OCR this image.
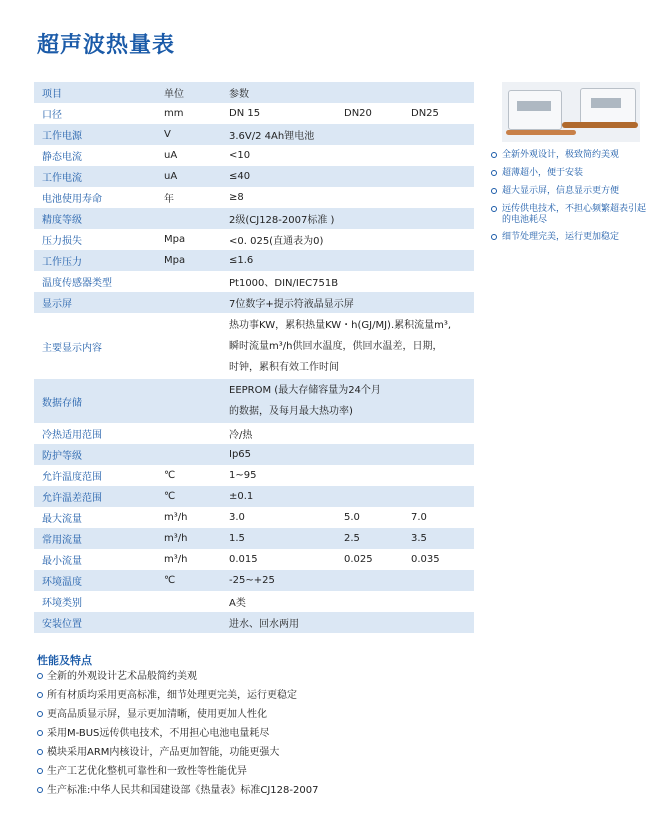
超声波热量表
项目	单位	参数		
口径	mm	DN 15	DN20	DN25
工作电源	V	3.6V/2 4Ah锂电池		
静态电流	uA	<10		
工作电流	uA	≤40		
电池使用寿命	年	≥8		
精度等级		2级(CJ128-2007标准 )		
压力损失	Mpa	<0. 025(直通表为0)		
工作压力	Mpa	≤1.6		
温度传感器类型		Pt1000、DIN/IEC751B		
显示屏		7位数字+提示符液晶显示屏		
主要显示内容		热功事KW，累积热量KW・h(GJ/MJ).累积流量m³,
瞬时流量m³/h供回水温度，供回水温差，日期，
时钟，累积有效工作时间		

数据存储		EEPROM (最大存储容量为24个月
的数据，及每月最大热功率)		

冷热适用范围		冷/热		
防护等级		Ip65		
允许温度范围	℃	1~95		
允许温差范围	℃	±0.1		
最大流量	m³/h	3.0	5.0	7.0
常用流量	m³/h	1.5	2.5	3.5
最小流量	m³/h	0.015	0.025	0.035
环境温度	℃	-25~+25		
环境类别		A类		
安装位置		进水、回水两用		
全新外观设计，极致简约美观
超薄超小，便于安装
超大显示屏，信息显示更方便
远传供电技术，不担心频繁超表引起的电池耗尽
细节处理完美，运行更加稳定
性能及特点
全新的外观设计艺术品般简约美观
所有材质均采用更高标准，细节处理更完美，运行更稳定
更高品质显示屏，显示更加清晰，使用更加人性化
采用M-BUS远传供电技术，不用担心电池电量耗尽
模块采用ARM内核设计，产品更加智能，功能更强大
生产工艺优化整机可靠性和一致性等性能优异
生产标准:中华人民共和国建设部《热量表》标准CJ128-2007
